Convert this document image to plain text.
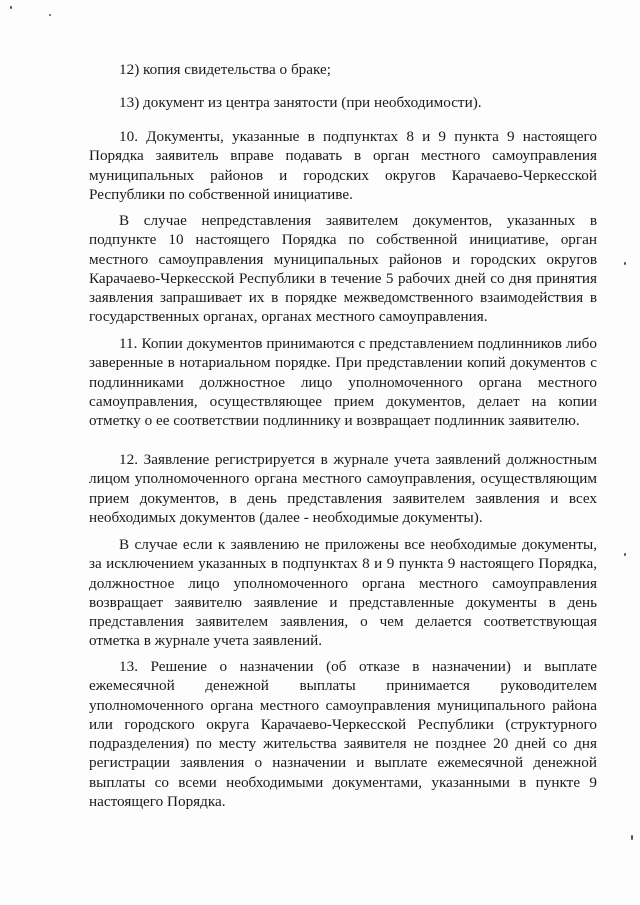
12) копия свидетельства о браке;

13) документ из центра занятости (при необходимости).

10. Документы, указанные в подпунктах 8 и 9 пункта 9 настоящего Порядка заявитель вправе подавать в орган местного самоуправления муниципальных районов и городских округов Карачаево-Черкесской Республики по собственной инициативе.

В случае непредставления заявителем документов, указанных в подпункте 10 настоящего Порядка по собственной инициативе, орган местного самоуправления муниципальных районов и городских округов Карачаево-Черкесской Республики в течение 5 рабочих дней со дня принятия заявления запрашивает их в порядке межведомственного взаимодействия в государственных органах, органах местного самоуправления.

11. Копии документов принимаются с представлением подлинников либо заверенные в нотариальном порядке. При представлении копий документов с подлинниками должностное лицо уполномоченного органа местного самоуправления, осуществляющее прием документов, делает на копии отметку о ее соответствии подлиннику и возвращает подлинник заявителю.

12. Заявление регистрируется в журнале учета заявлений должностным лицом уполномоченного органа местного самоуправления, осуществляющим прием документов, в день представления заявителем заявления и всех необходимых документов (далее - необходимые документы).

В случае если к заявлению не приложены все необходимые документы, за исключением указанных в подпунктах 8 и 9 пункта 9 настоящего Порядка, должностное лицо уполномоченного органа местного самоуправления возвращает заявителю заявление и представленные документы в день представления заявителем заявления, о чем делается соответствующая отметка в журнале учета заявлений.

13. Решение о назначении (об отказе в назначении) и выплате ежемесячной денежной выплаты принимается руководителем уполномоченного органа местного самоуправления муниципального района или городского округа Карачаево-Черкесской Республики (структурного подразделения) по месту жительства заявителя не позднее 20 дней со дня регистрации заявления о назначении и выплате ежемесячной денежной выплаты со всеми необходимыми документами, указанными в пункте 9 настоящего Порядка.
